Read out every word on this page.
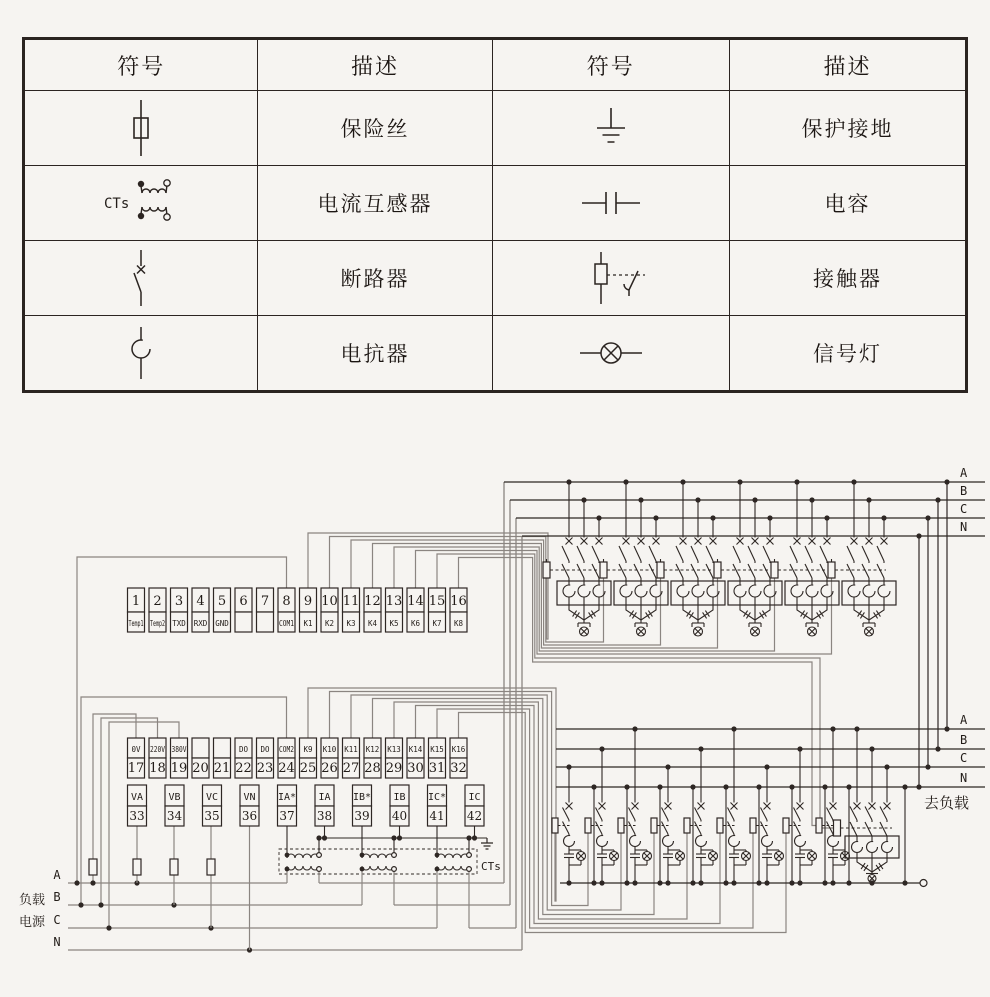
符号	描述	符号	描述

	保险丝		保护接地

CTs	电流互感器		电容

	断路器		接触器

	电抗器		信号灯
CTs
A
B
C
N
A
B
C
N
去负载
1
Temp1
2
Temp2
3
TXD
4
RXD
5
GND
6 7 8
COM1
9
K1
10
K2
11
K3
12
K4
13
K5
14
K6
15
K7
16
K8
0V
17
220V
18
380V
19 20 21
DO
22
DO
23
COM2
24
K9
25
K10
26
K11
27
K12
28
K13
29
K14
30
K15
31
K16
32
VA
33
VB
34
VC
35
VN
36
IA*
37
IA
38
IB*
39
IB
40
IC*
41
IC
42
A
B
C
N
负载
电源
